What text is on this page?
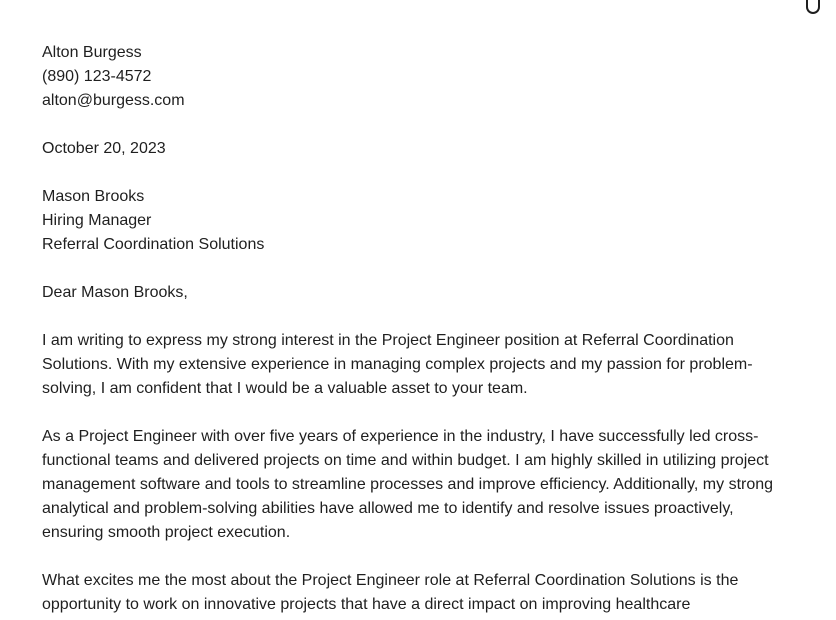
Alton Burgess
(890) 123-4572
alton@burgess.com
October 20, 2023
Mason Brooks
Hiring Manager
Referral Coordination Solutions
Dear Mason Brooks,
I am writing to express my strong interest in the Project Engineer position at Referral Coordination
Solutions. With my extensive experience in managing complex projects and my passion for problem-
solving, I am confident that I would be a valuable asset to your team.
As a Project Engineer with over five years of experience in the industry, I have successfully led cross-
functional teams and delivered projects on time and within budget. I am highly skilled in utilizing project
management software and tools to streamline processes and improve efficiency. Additionally, my strong
analytical and problem-solving abilities have allowed me to identify and resolve issues proactively,
ensuring smooth project execution.
What excites me the most about the Project Engineer role at Referral Coordination Solutions is the
opportunity to work on innovative projects that have a direct impact on improving healthcare
